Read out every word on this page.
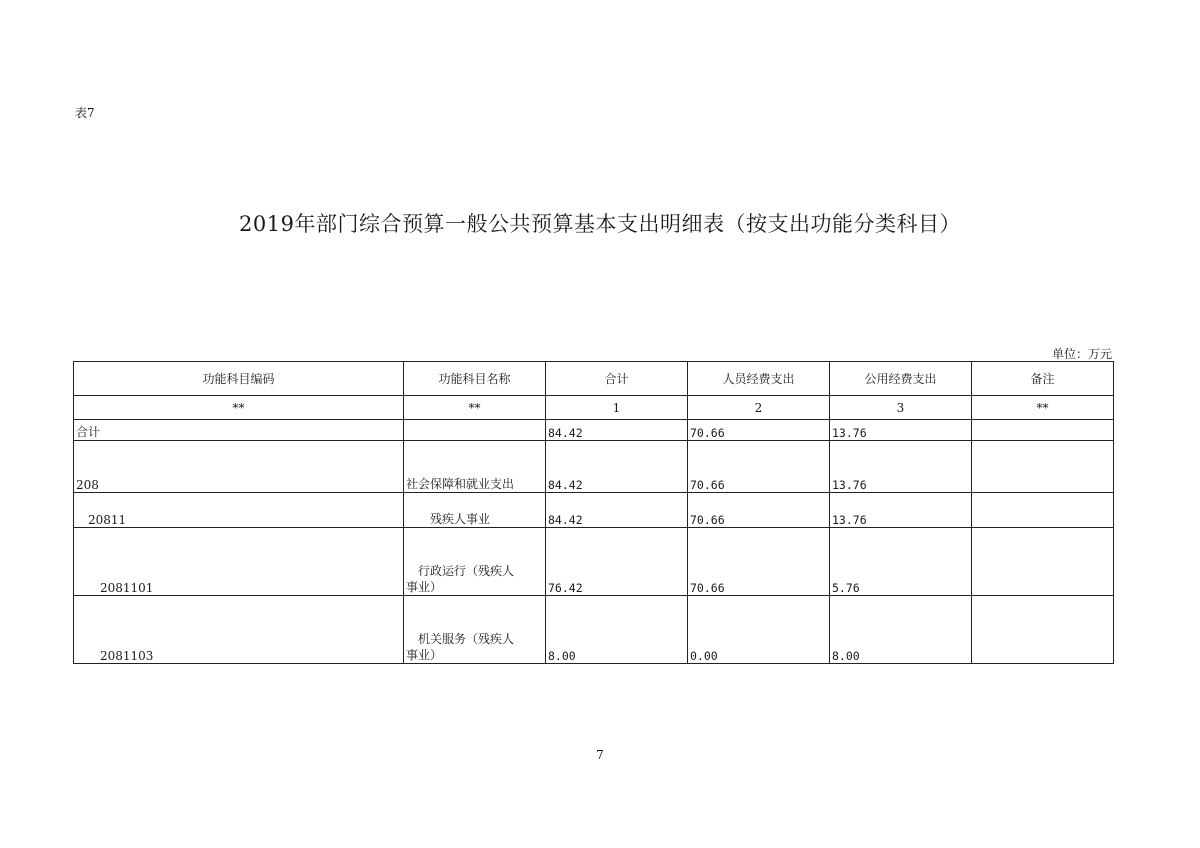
表7
2019年部门综合预算一般公共预算基本支出明细表（按支出功能分类科目）
单位：万元
功能科目编码	功能科目名称	合计	人员经费支出	公用经费支出	备注
**	**	1	2	3	**
合计		84.42	70.66	13.76	
208	社会保障和就业支出	84.42	70.66	13.76	
20811	残疾人事业	84.42	70.66	13.76	
2081101	行政运行（残疾人
事业）	76.42	70.66	5.76	
2081103	机关服务（残疾人
事业）	8.00	0.00	8.00	
7
